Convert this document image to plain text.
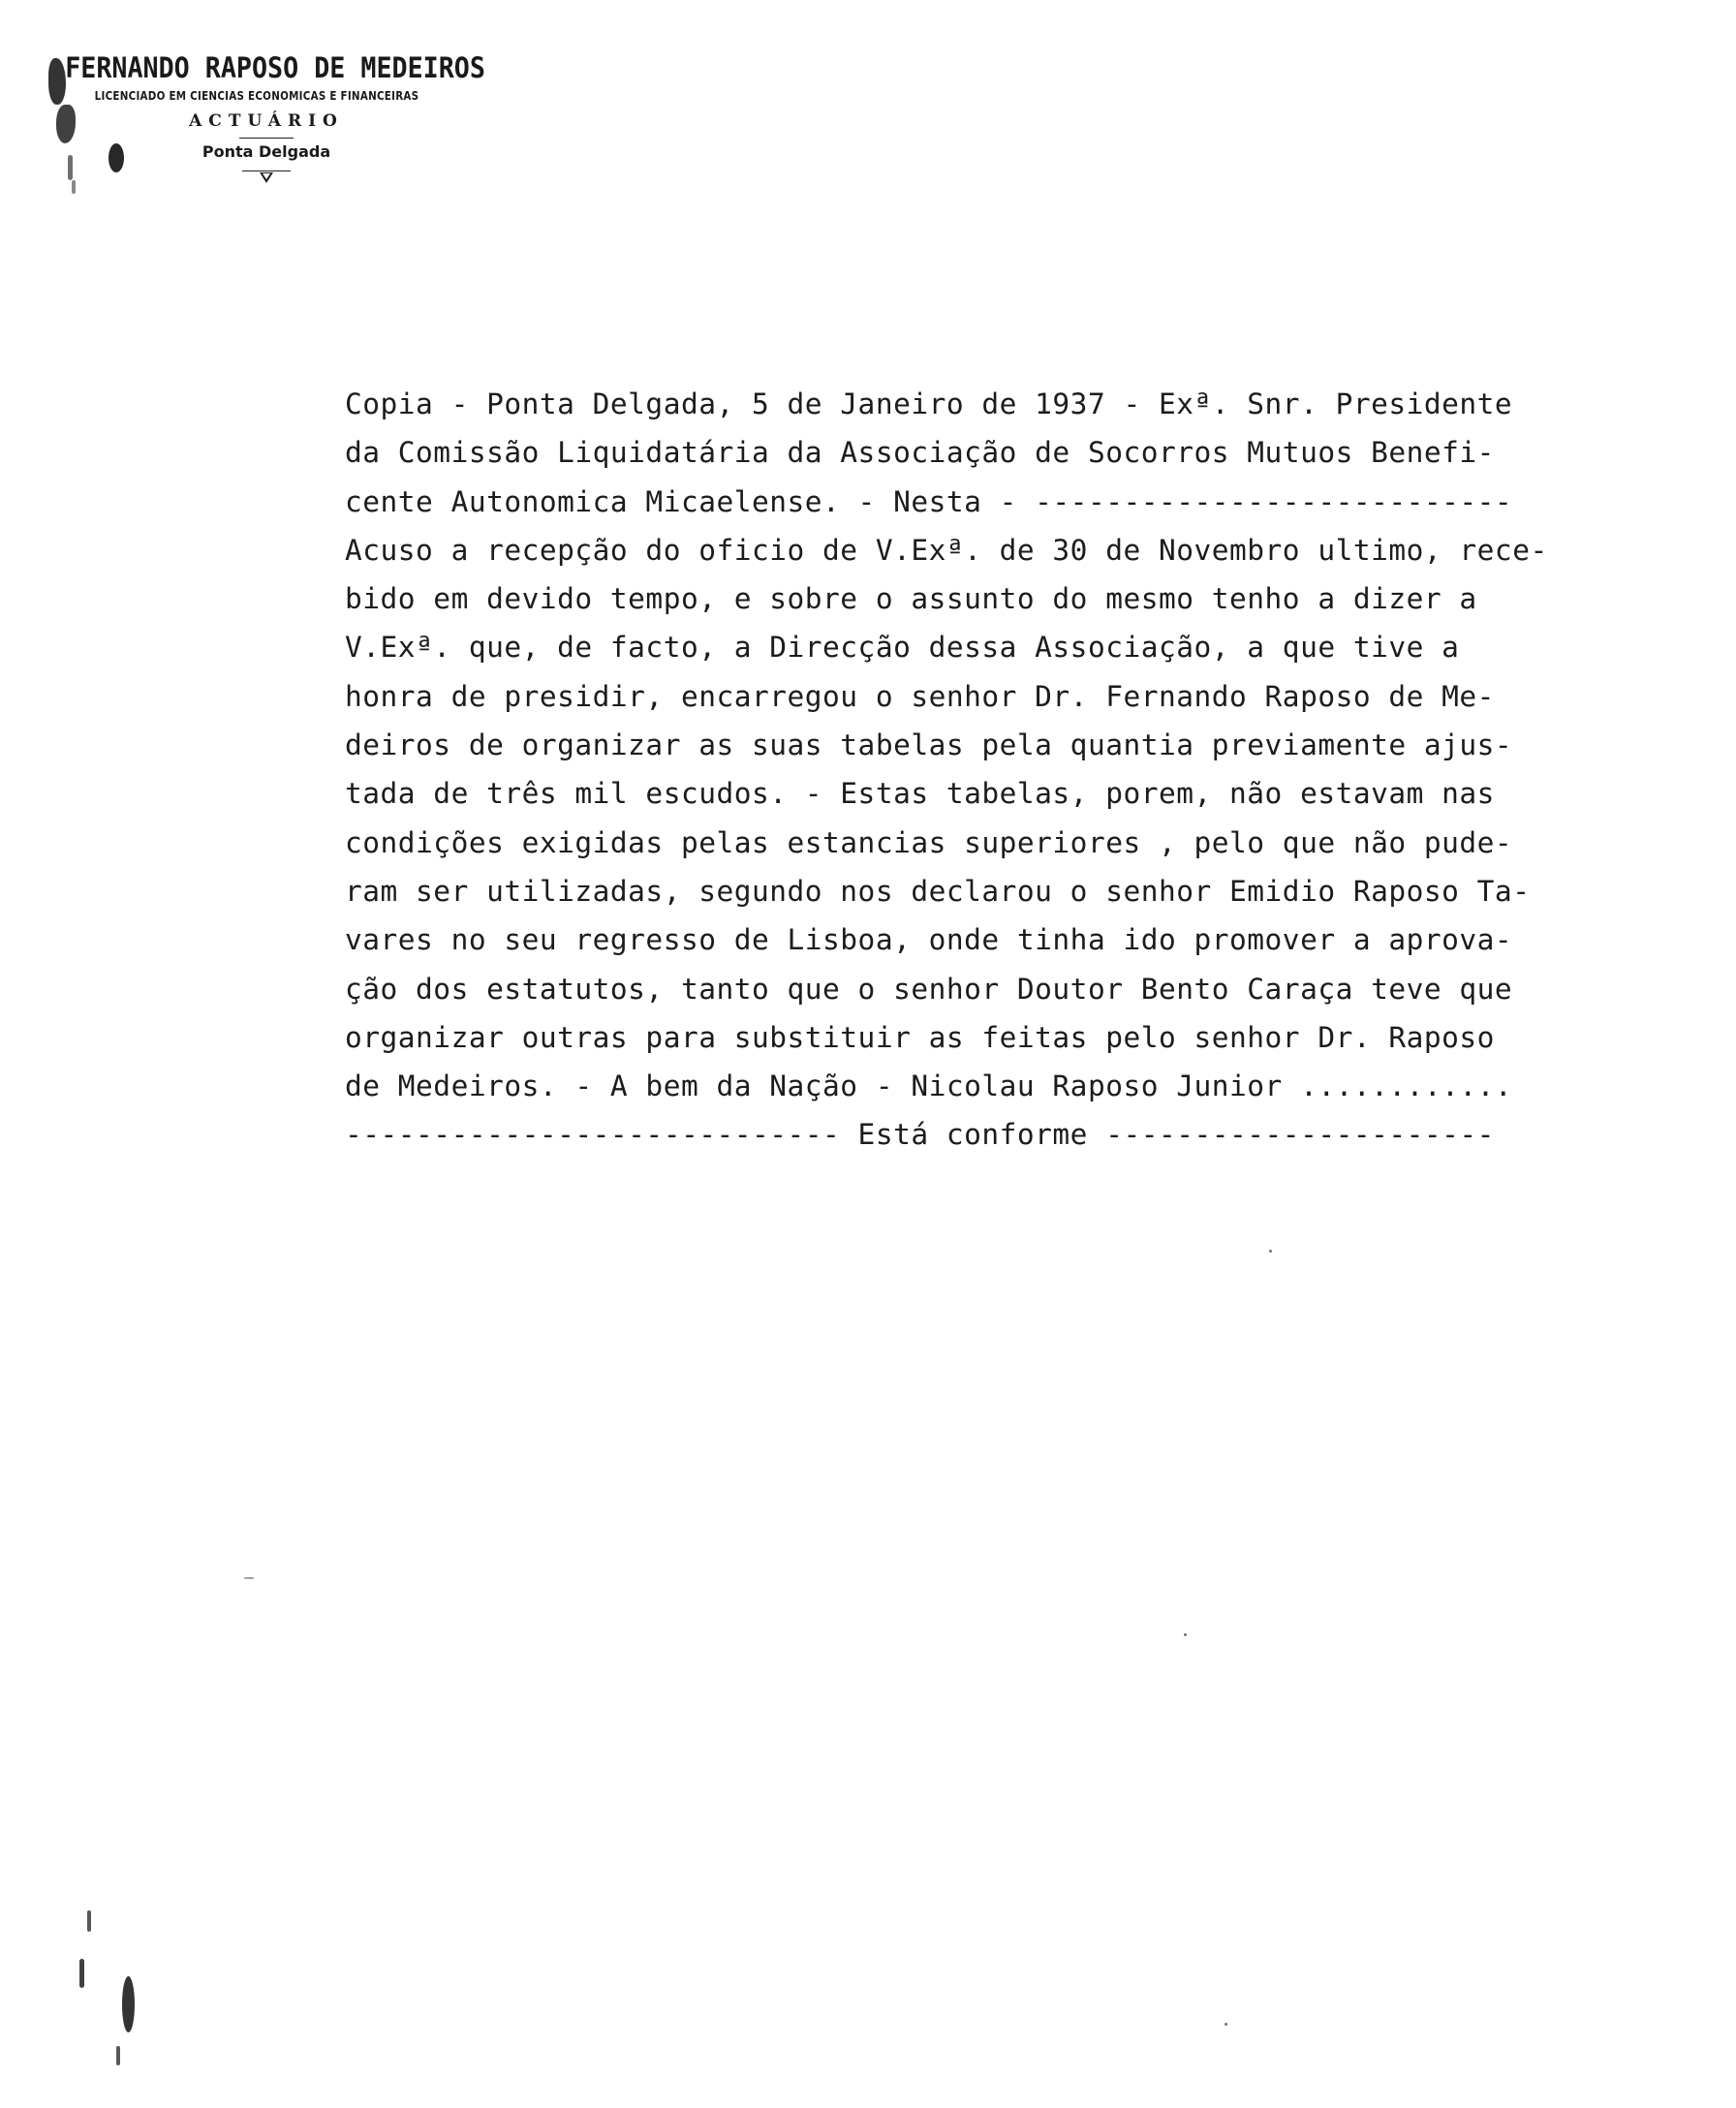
FERNANDO RAPOSO DE MEDEIROS
LICENCIADO EM CIENCIAS ECONOMICAS E FINANCEIRAS
ACTUÁRIO
Ponta Delgada
Copia - Ponta Delgada, 5 de Janeiro de 1937 - Exª. Snr. Presidente
da Comissão Liquidatária da Associação de Socorros Mutuos Benefi-
cente Autonomica Micaelense. - Nesta - ---------------------------
Acuso a recepção do oficio de V.Exª. de 30 de Novembro ultimo, rece-
bido em devido tempo, e sobre o assunto do mesmo tenho a dizer a
V.Exª. que, de facto, a Direcção dessa Associação, a que tive a
honra de presidir, encarregou o senhor Dr. Fernando Raposo de Me-
deiros de organizar as suas tabelas pela quantia previamente ajus-
tada de três mil escudos. - Estas tabelas, porem, não estavam nas
condições exigidas pelas estancias superiores , pelo que não pude-
ram ser utilizadas, segundo nos declarou o senhor Emidio Raposo Ta-
vares no seu regresso de Lisboa, onde tinha ido promover a aprova-
ção dos estatutos, tanto que o senhor Doutor Bento Caraça teve que
organizar outras para substituir as feitas pelo senhor Dr. Raposo
de Medeiros. - A bem da Nação - Nicolau Raposo Junior ............
---------------------------- Está conforme ----------------------
